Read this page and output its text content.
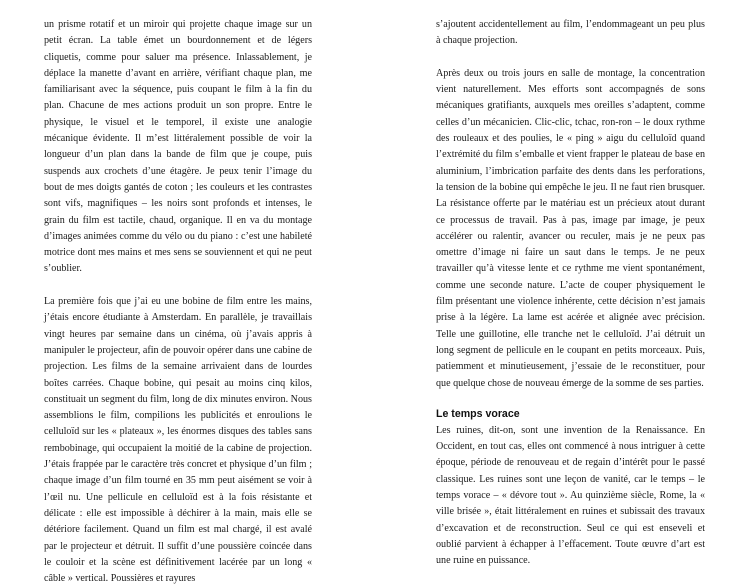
un prisme rotatif et un miroir qui projette chaque image sur un petit écran. La table émet un bourdonnement et de légers cliquetis, comme pour saluer ma présence. Inlassablement, je déplace la manette d’avant en arrière, vérifiant chaque plan, me familiarisant avec la séquence, puis coupant le film à la fin du plan. Chacune de mes actions produit un son propre. Entre le physique, le visuel et le temporel, il existe une analogie mécanique évidente. Il m’est littéralement possible de voir la longueur d’un plan dans la bande de film que je coupe, puis suspends aux crochets d’une étagère. Je peux tenir l’image du bout de mes doigts gantés de coton ; les couleurs et les contrastes sont vifs, magnifiques – les noirs sont profonds et intenses, le grain du film est tactile, chaud, organique. Il en va du montage d’images animées comme du vélo ou du piano : c’est une habileté motrice dont mes mains et mes sens se souviennent et qui ne peut s’oublier.

La première fois que j’ai eu une bobine de film entre les mains, j’étais encore étudiante à Amsterdam. En parallèle, je travaillais vingt heures par semaine dans un cinéma, où j’avais appris à manipuler le projecteur, afin de pouvoir opérer dans une cabine de projection. Les films de la semaine arrivaient dans de lourdes boîtes carrées. Chaque bobine, qui pesait au moins cinq kilos, constituait un segment du film, long de dix minutes environ. Nous assemblions le film, compilions les publicités et enroulions le celluloïd sur les « plateaux », les énormes disques des tables sans rembobinage, qui occupaient la moitié de la cabine de projection. J’étais frappée par le caractère très concret et physique d’un film ; chaque image d’un film tourné en 35 mm peut aisément se voir à l’œil nu. Une pellicule en celluloïd est à la fois résistante et délicate : elle est impossible à déchirer à la main, mais elle se détériore facilement. Quand un film est mal chargé, il est avalé par le projecteur et détruit. Il suffit d’une poussière coincée dans le couloir et la scène est définitivement lacérée par un long « câble » vertical. Poussières et rayures

s’ajoutent accidentellement au film, l’endommageant un peu plus à chaque projection.

Après deux ou trois jours en salle de montage, la concentration vient naturellement. Mes efforts sont accompagnés de sons mécaniques gratifiants, auxquels mes oreilles s’adaptent, comme celles d’un mécanicien. Clic-clic, tchac, ron-ron – le doux rythme des rouleaux et des poulies, le « ping » aigu du celluloïd quand l’extrémité du film s’emballe et vient frapper le plateau de base en aluminium, l’imbrication parfaite des dents dans les perforations, la tension de la bobine qui empêche le jeu. Il ne faut rien brusquer. La résistance offerte par le matériau est un précieux atout durant ce processus de travail. Pas à pas, image par image, je peux accélérer ou ralentir, avancer ou reculer, mais je ne peux pas omettre d’image ni faire un saut dans le temps. Je ne peux travailler qu’à vitesse lente et ce rythme me vient spontanément, comme une seconde nature. L’acte de couper physiquement le film présentant une violence inhérente, cette décision n’est jamais prise à la légère. La lame est acérée et alignée avec précision. Telle une guillotine, elle tranche net le celluloïd. J’ai détruit un long segment de pellicule en le coupant en petits morceaux. Puis, patiemment et minutieusement, j’essaie de le reconstituer, pour que quelque chose de nouveau émerge de la somme de ses parties.

Le temps vorace

Les ruines, dit-on, sont une invention de la Renaissance. En Occident, en tout cas, elles ont commencé à nous intriguer à cette époque, période de renouveau et de regain d’intérêt pour le passé classique. Les ruines sont une leçon de vanité, car le temps – le temps vorace – « dévore tout ». Au quinzième siècle, Rome, la « ville brisée », était littéralement en ruines et subissait des travaux d’excavation et de reconstruction. Seul ce qui est enseveli et oublié parvient à échapper à l’effacement. Toute œuvre d’art est une ruine en puissance.
